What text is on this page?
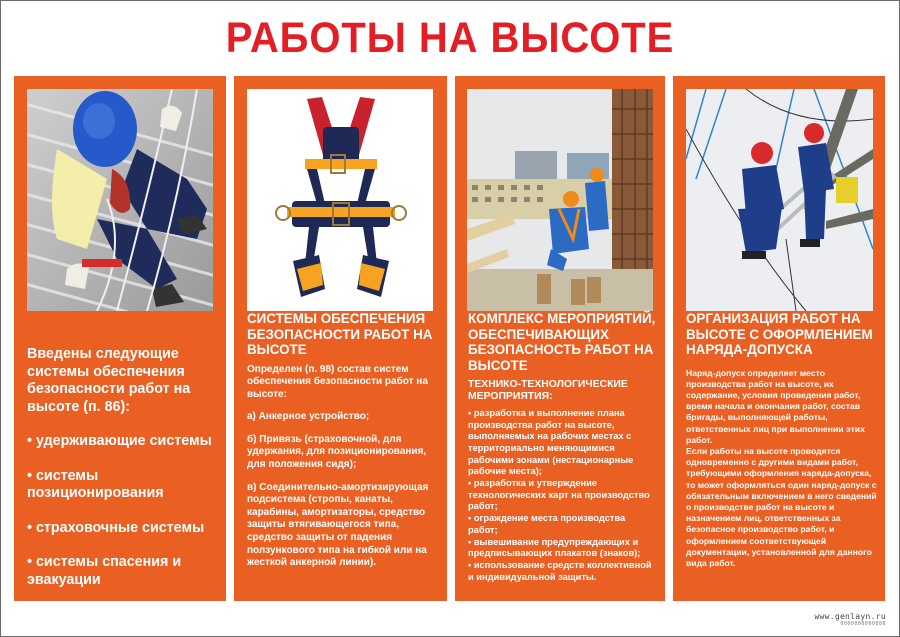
РАБОТЫ НА ВЫСОТЕ

Введены следующие системы обеспечения безопасности работ на высоте (п. 86):

• удерживающие системы

• системы позиционирования

• страховочные системы

• системы спасения и эвакуации

СИСТЕМЫ ОБЕСПЕЧЕНИЯ БЕЗОПАСНОСТИ РАБОТ НА ВЫСОТЕ

Определен (п. 98) состав систем обеспечения безопасности работ на высоте:

а) Анкерное устройство;

б) Привязь (страховочной, для удержания, для позиционирования, для положения сидя);

в) Соединительно-амортизирующая подсистема (стропы, канаты, карабины, амортизаторы, средство защиты втягивающегося типа, средство защиты от падения ползункового типа на гибкой или на жесткой анкерной линии).

КОМПЛЕКС МЕРОПРИЯТИЙ, ОБЕСПЕЧИВАЮЩИХ БЕЗОПАСНОСТЬ РАБОТ НА ВЫСОТЕ
ТЕХНИКО-ТЕХНОЛОГИЧЕСКИЕ МЕРОПРИЯТИЯ:

• разработка и выполнение плана производства работ на высоте, выполняемых на рабочих местах с территориально меняющимися рабочими зонами (нестационарные рабочие места);

• разработка и утверждение технологических карт на производство работ;

• ограждение места производства работ;

• вывешивание предупреждающих и предписывающих плакатов (знаков);

• использование средств коллективной и индивидуальной защиты.

ОРГАНИЗАЦИЯ РАБОТ НА ВЫСОТЕ С ОФОРМЛЕНИЕМ НАРЯДА-ДОПУСКА

Наряд-допуск определяет место производства работ на высоте, их содержание, условия проведения работ, время начала и окончания работ, состав бригады, выполняющей работы, ответственных лиц при выполнении этих работ.

Если работы на высоте проводятся одновременно с другими видами работ, требующими оформления наряда-допуска, то может оформляться один наряд-допуск с обязательным включением в него сведений о производстве работ на высоте и назначением лиц, ответственных за безопасное производство работ, и оформлением соответствующей документации, установленной для данного вида работ.

www.genlayn.ru
0000000000000
